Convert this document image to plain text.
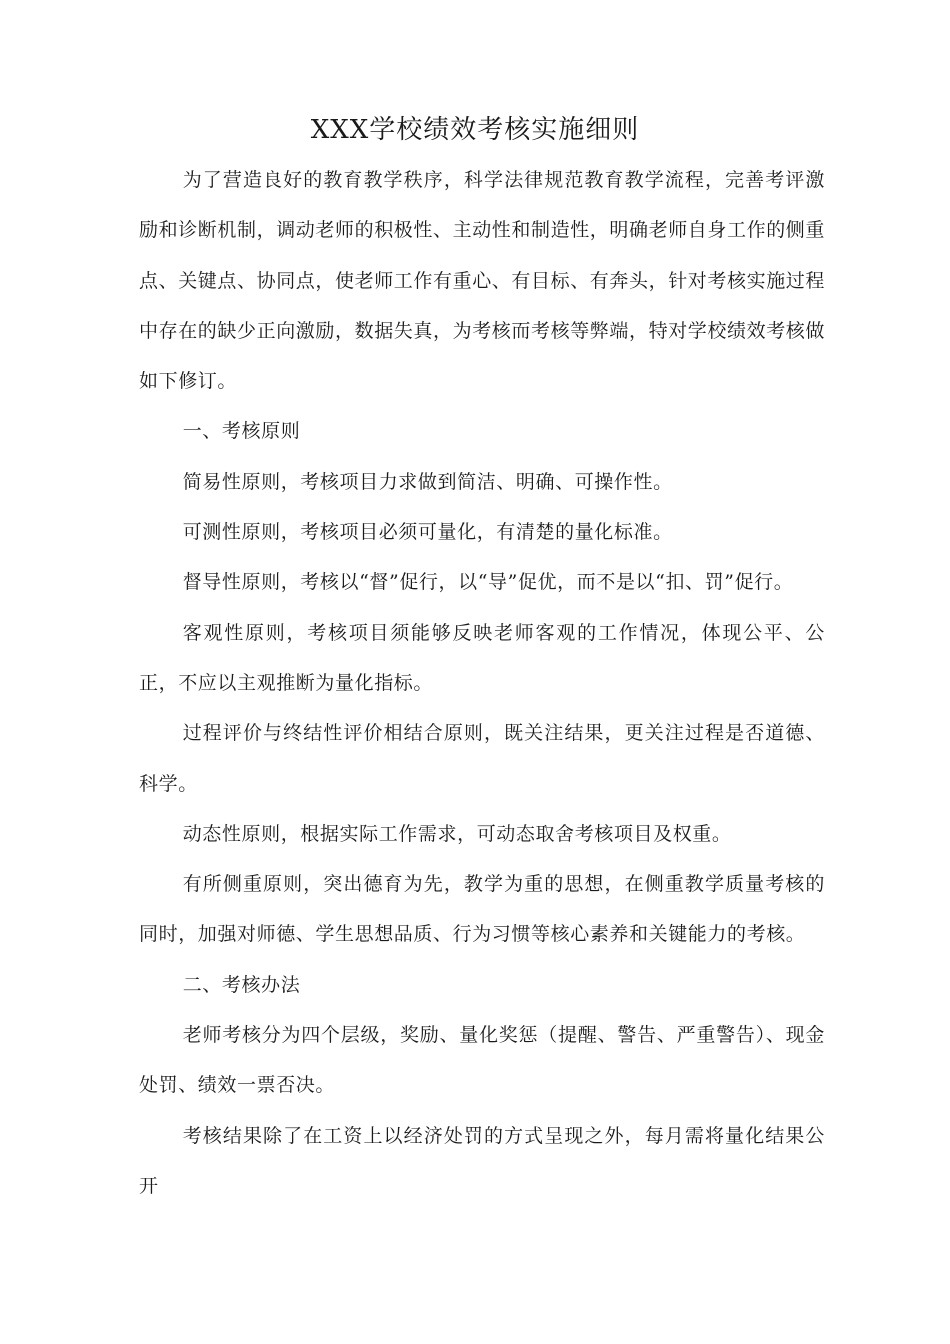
XXX学校绩效考核实施细则

为了营造良好的教育教学秩序，科学法律规范教育教学流程，完善考评激励和诊断机制，调动老师的积极性、主动性和制造性，明确老师自身工作的侧重点、关键点、协同点，使老师工作有重心、有目标、有奔头，针对考核实施过程中存在的缺少正向激励，数据失真，为考核而考核等弊端，特对学校绩效考核做如下修订。

一、考核原则

简易性原则，考核项目力求做到简洁、明确、可操作性。

可测性原则，考核项目必须可量化，有清楚的量化标准。

督导性原则，考核以“督”促行，以“导”促优，而不是以“扣、罚”促行。

客观性原则，考核项目须能够反映老师客观的工作情况，体现公平、公正，不应以主观推断为量化指标。

过程评价与终结性评价相结合原则，既关注结果，更关注过程是否道德、科学。

动态性原则，根据实际工作需求，可动态取舍考核项目及权重。

有所侧重原则，突出德育为先，教学为重的思想，在侧重教学质量考核的同时，加强对师德、学生思想品质、行为习惯等核心素养和关键能力的考核。

二、考核办法

老师考核分为四个层级，奖励、量化奖惩（提醒、警告、严重警告）、现金处罚、绩效一票否决。

考核结果除了在工资上以经济处罚的方式呈现之外，每月需将量化结果公开
